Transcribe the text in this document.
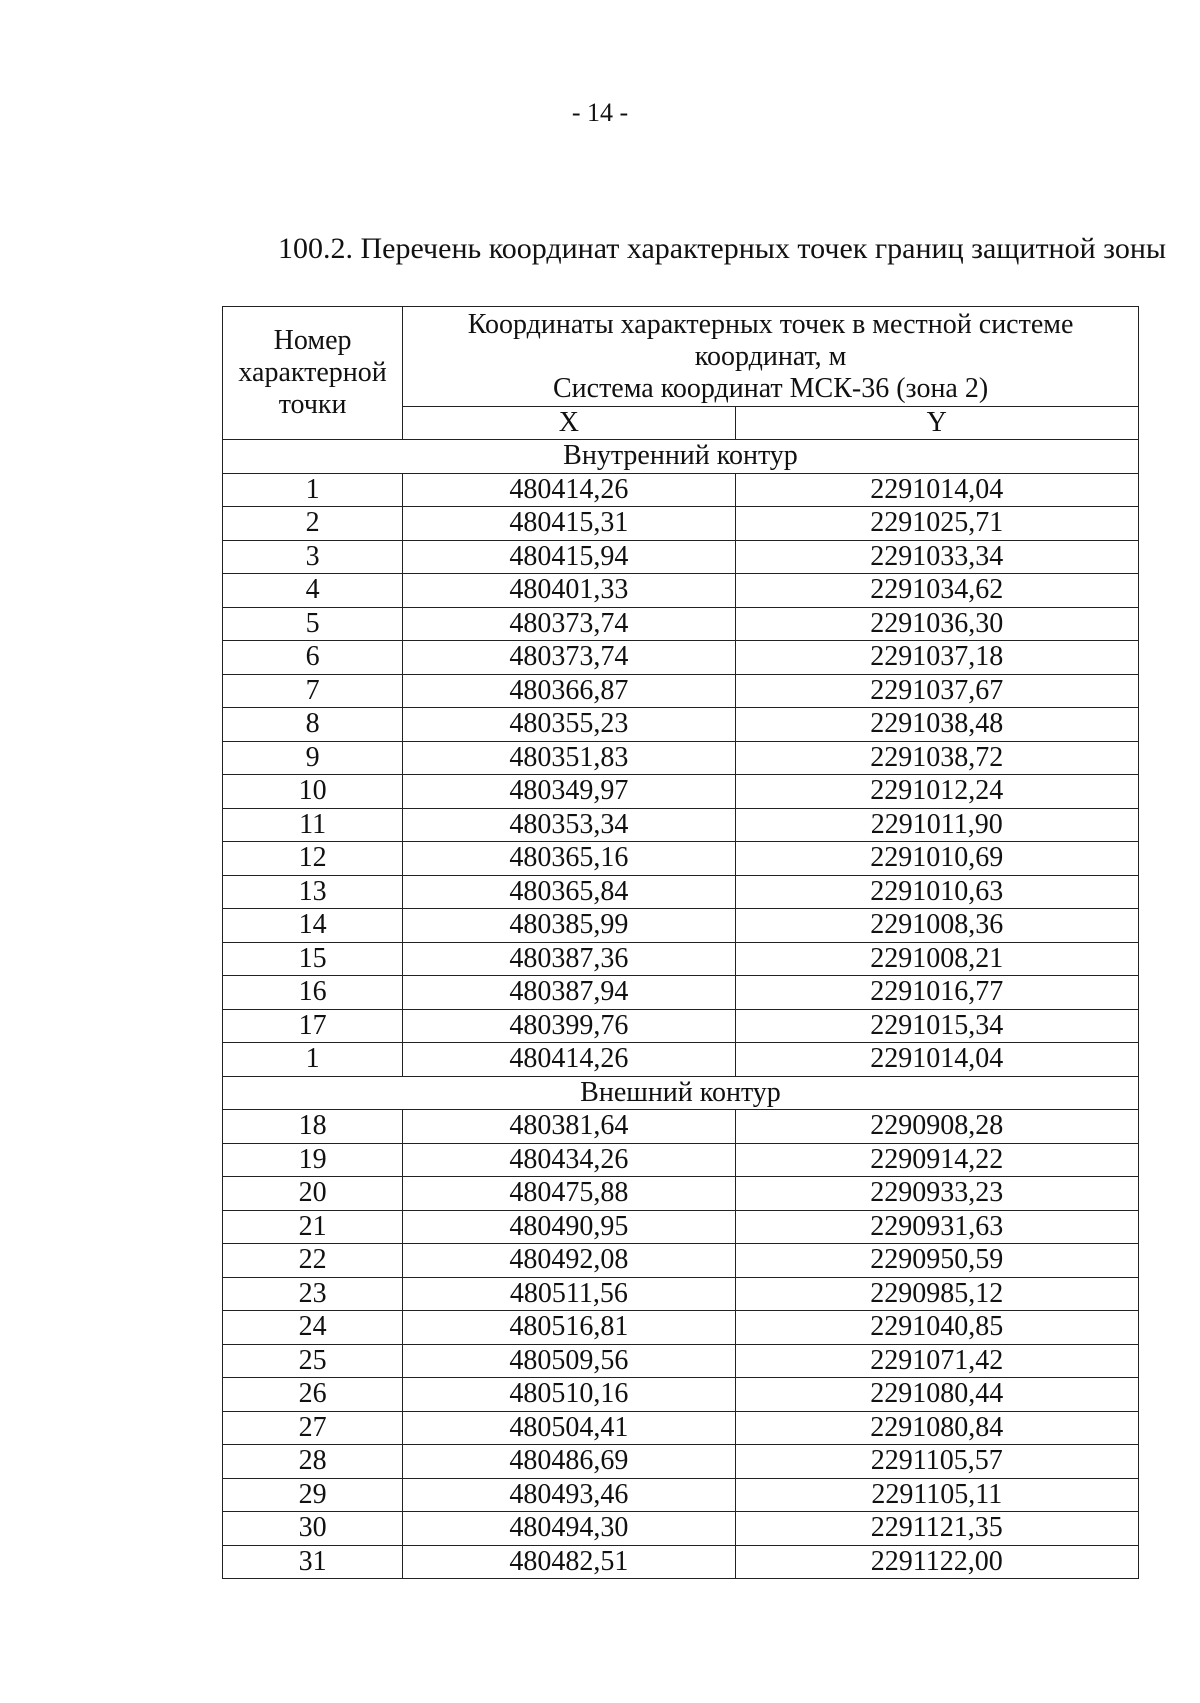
- 14 -
100.2. Перечень координат характерных точек границ защитной зоны
Номер характерной точки	Координаты характерных точек в местной системе
координат, м
Система координат МСК-36 (зона 2)	

	X	Y
Внутренний контур		
1	480414,26	2291014,04
2	480415,31	2291025,71
3	480415,94	2291033,34
4	480401,33	2291034,62
5	480373,74	2291036,30
6	480373,74	2291037,18
7	480366,87	2291037,67
8	480355,23	2291038,48
9	480351,83	2291038,72
10	480349,97	2291012,24
11	480353,34	2291011,90
12	480365,16	2291010,69
13	480365,84	2291010,63
14	480385,99	2291008,36
15	480387,36	2291008,21
16	480387,94	2291016,77
17	480399,76	2291015,34
1	480414,26	2291014,04
Внешний контур		
18	480381,64	2290908,28
19	480434,26	2290914,22
20	480475,88	2290933,23
21	480490,95	2290931,63
22	480492,08	2290950,59
23	480511,56	2290985,12
24	480516,81	2291040,85
25	480509,56	2291071,42
26	480510,16	2291080,44
27	480504,41	2291080,84
28	480486,69	2291105,57
29	480493,46	2291105,11
30	480494,30	2291121,35
31	480482,51	2291122,00
